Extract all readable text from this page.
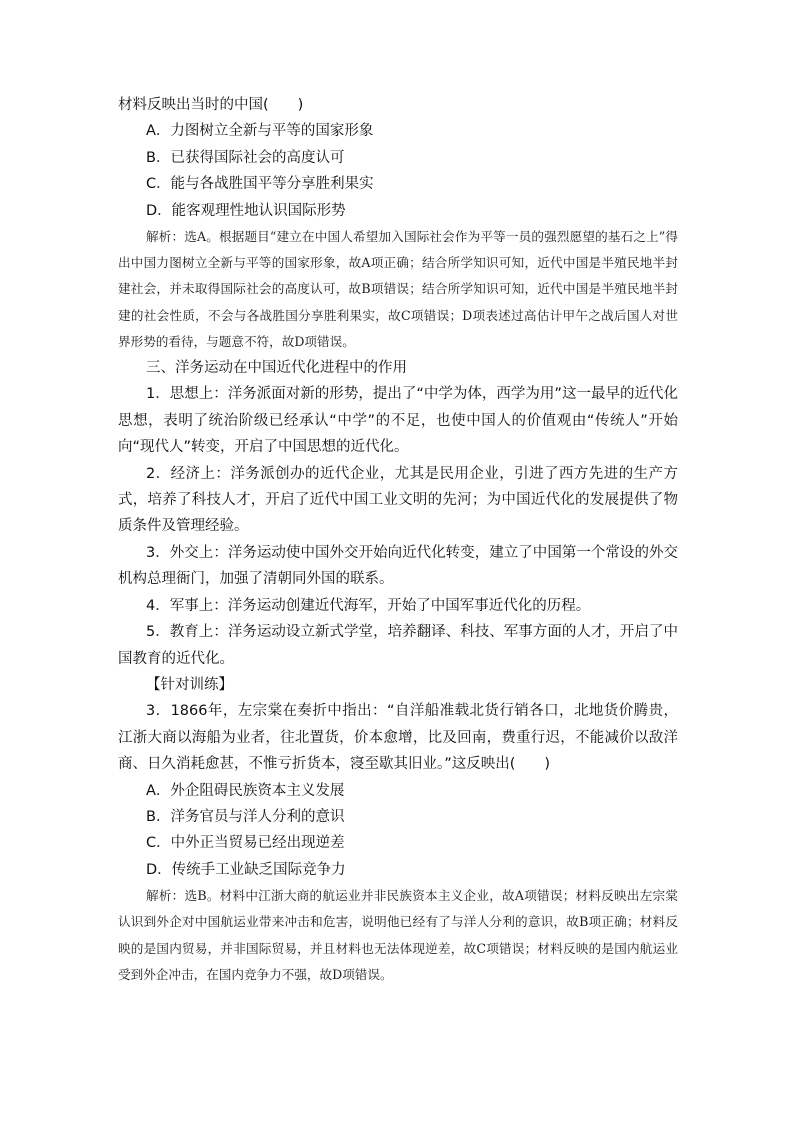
材料反映出当时的中国(　　)

A．力图树立全新与平等的国家形象

B．已获得国际社会的高度认可

C．能与各战胜国平等分享胜利果实

D．能客观理性地认识国际形势

解析：选A。根据题目“建立在中国人希望加入国际社会作为平等一员的强烈愿望的基石之上”得出中国力图树立全新与平等的国家形象，故A项正确；结合所学知识可知，近代中国是半殖民地半封建社会，并未取得国际社会的高度认可，故B项错误；结合所学知识可知，近代中国是半殖民地半封建的社会性质，不会与各战胜国分享胜利果实，故C项错误；D项表述过高估计甲午之战后国人对世界形势的看待，与题意不符，故D项错误。

三、洋务运动在中国近代化进程中的作用

1．思想上：洋务派面对新的形势，提出了“中学为体，西学为用”这一最早的近代化思想，表明了统治阶级已经承认“中学”的不足，也使中国人的价值观由“传统人”开始向“现代人”转变，开启了中国思想的近代化。

2．经济上：洋务派创办的近代企业，尤其是民用企业，引进了西方先进的生产方式，培养了科技人才，开启了近代中国工业文明的先河；为中国近代化的发展提供了物质条件及管理经验。

3．外交上：洋务运动使中国外交开始向近代化转变，建立了中国第一个常设的外交机构总理衙门，加强了清朝同外国的联系。

4．军事上：洋务运动创建近代海军，开始了中国军事近代化的历程。

5．教育上：洋务运动设立新式学堂，培养翻译、科技、军事方面的人才，开启了中国教育的近代化。

【针对训练】

3．1866年，左宗棠在奏折中指出：“自洋船准载北货行销各口，北地货价腾贵，江浙大商以海船为业者，往北置货，价本愈增，比及回南，费重行迟，不能减价以敌洋商、日久消耗愈甚，不惟亏折货本，寖至歇其旧业。”这反映出(　　)

A．外企阻碍民族资本主义发展

B．洋务官员与洋人分利的意识

C．中外正当贸易已经出现逆差

D．传统手工业缺乏国际竞争力

解析：选B。材料中江浙大商的航运业并非民族资本主义企业，故A项错误；材料反映出左宗棠认识到外企对中国航运业带来冲击和危害，说明他已经有了与洋人分利的意识，故B项正确；材料反映的是国内贸易，并非国际贸易，并且材料也无法体现逆差，故C项错误；材料反映的是国内航运业受到外企冲击，在国内竞争力不强，故D项错误。
